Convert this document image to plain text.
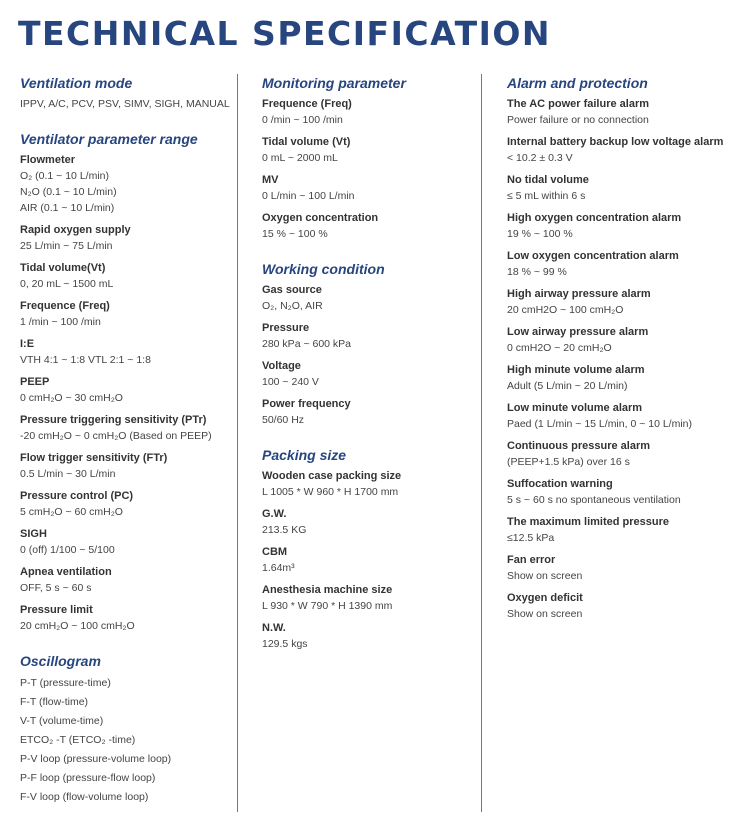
TECHNICAL SPECIFICATION
Ventilation mode
IPPV, A/C, PCV, PSV, SIMV, SIGH, MANUAL
Ventilator parameter range
Flowmeter
O₂ (0.1 ~ 10 L/min)
N₂O (0.1 ~ 10 L/min)
AIR (0.1 ~ 10 L/min)
Rapid oxygen supply
25 L/min ~ 75 L/min
Tidal volume(Vt)
0, 20 mL ~ 1500 mL
Frequence (Freq)
1 /min ~ 100 /min
I:E
VTH 4:1 ~ 1:8 VTL 2:1 ~ 1:8
PEEP
0 cmH₂O ~ 30 cmH₂O
Pressure triggering sensitivity (PTr)
-20 cmH₂O ~ 0 cmH₂O (Based on PEEP)
Flow trigger sensitivity (FTr)
0.5 L/min ~ 30 L/min
Pressure control (PC)
5 cmH₂O ~ 60 cmH₂O
SIGH
0 (off) 1/100 ~ 5/100
Apnea ventilation
OFF, 5 s ~ 60 s
Pressure limit
20 cmH₂O ~ 100 cmH₂O
Oscillogram
P-T (pressure-time)
F-T (flow-time)
V-T (volume-time)
ETCO₂ -T (ETCO₂ -time)
P-V loop (pressure-volume loop)
P-F loop (pressure-flow loop)
F-V loop (flow-volume loop)
Monitoring parameter
Frequence (Freq)
0 /min ~ 100 /min
Tidal volume (Vt)
0 mL ~ 2000 mL
MV
0 L/min ~ 100 L/min
Oxygen concentration
15 % ~ 100 %
Working condition
Gas source
O₂, N₂O, AIR
Pressure
280 kPa ~ 600 kPa
Voltage
100 ~ 240 V
Power frequency
50/60 Hz
Packing size
Wooden case packing size
L 1005 * W 960 * H 1700 mm
G.W.
213.5 KG
CBM
1.64m³
Anesthesia machine size
L 930 * W 790 * H 1390 mm
N.W.
129.5 kgs
Alarm and protection
The AC power failure alarm
Power failure or no connection
Internal battery backup low voltage alarm
< 10.2 ± 0.3 V
No tidal volume
≤ 5 mL within 6 s
High oxygen concentration alarm
19 % ~ 100 %
Low oxygen concentration alarm
18 % ~ 99 %
High airway pressure alarm
20 cmH2O ~ 100 cmH₂O
Low airway pressure alarm
0 cmH2O ~ 20 cmH₂O
High minute volume alarm
Adult (5 L/min ~ 20 L/min)
Low minute volume alarm
Paed (1 L/min ~ 15 L/min, 0 ~ 10 L/min)
Continuous pressure alarm
(PEEP+1.5 kPa) over 16 s
Suffocation warning
5 s ~ 60 s no spontaneous ventilation
The maximum limited pressure
≤12.5 kPa
Fan error
Show on screen
Oxygen deficit
Show on screen
